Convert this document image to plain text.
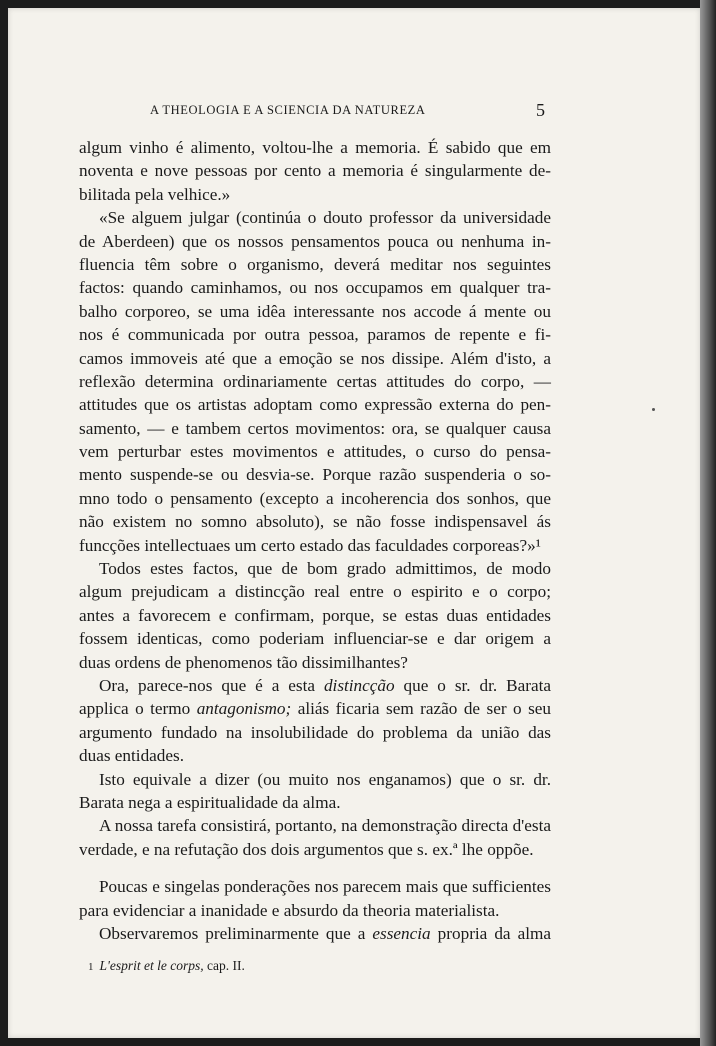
A THEOLOGIA E A SCIENCIA DA NATUREZA	5
algum vinho é alimento, voltou-lhe a memoria. É sabido que em
noventa e nove pessoas por cento a memoria é singularmente de-
bilitada pela velhice.»
«Se alguem julgar (continúa o douto professor da universidade
de Aberdeen) que os nossos pensamentos pouca ou nenhuma in-
fluencia têm sobre o organismo, deverá meditar nos seguintes
factos: quando caminhamos, ou nos occupamos em qualquer tra-
balho corporeo, se uma idêa interessante nos accode á mente ou
nos é communicada por outra pessoa, paramos de repente e fi-
camos immoveis até que a emoção se nos dissipe. Além d'isto, a
reflexão determina ordinariamente certas attitudes do corpo, —
attitudes que os artistas adoptam como expressão externa do pen-
samento, — e tambem certos movimentos: ora, se qualquer causa
vem perturbar estes movimentos e attitudes, o curso do pensa-
mento suspende-se ou desvia-se. Porque razão suspenderia o so-
mno todo o pensamento (excepto a incoherencia dos sonhos, que
não existem no somno absoluto), se não fosse indispensavel ás
funcções intellectuaes um certo estado das faculdades corporeas?»¹
Todos estes factos, que de bom grado admittimos, de modo
algum prejudicam a distincção real entre o espirito e o corpo;
antes a favorecem e confirmam, porque, se estas duas entidades
fossem identicas, como poderiam influenciar-se e dar origem a
duas ordens de phenomenos tão dissimilhantes?
Ora, parece-nos que é a esta distincção que o sr. dr. Barata
applica o termo antagonismo; aliás ficaria sem razão de ser o seu
argumento fundado na insolubilidade do problema da união das
duas entidades.
Isto equivale a dizer (ou muito nos enganamos) que o sr. dr.
Barata nega a espiritualidade da alma.
A nossa tarefa consistirá, portanto, na demonstração directa d'esta
verdade, e na refutação dos dois argumentos que s. ex.ª lhe oppõe.
Poucas e singelas ponderações nos parecem mais que sufficientes
para evidenciar a inanidade e absurdo da theoria materialista.
Observaremos preliminarmente que a essencia propria da alma
1 L'esprit et le corps, cap. II.
